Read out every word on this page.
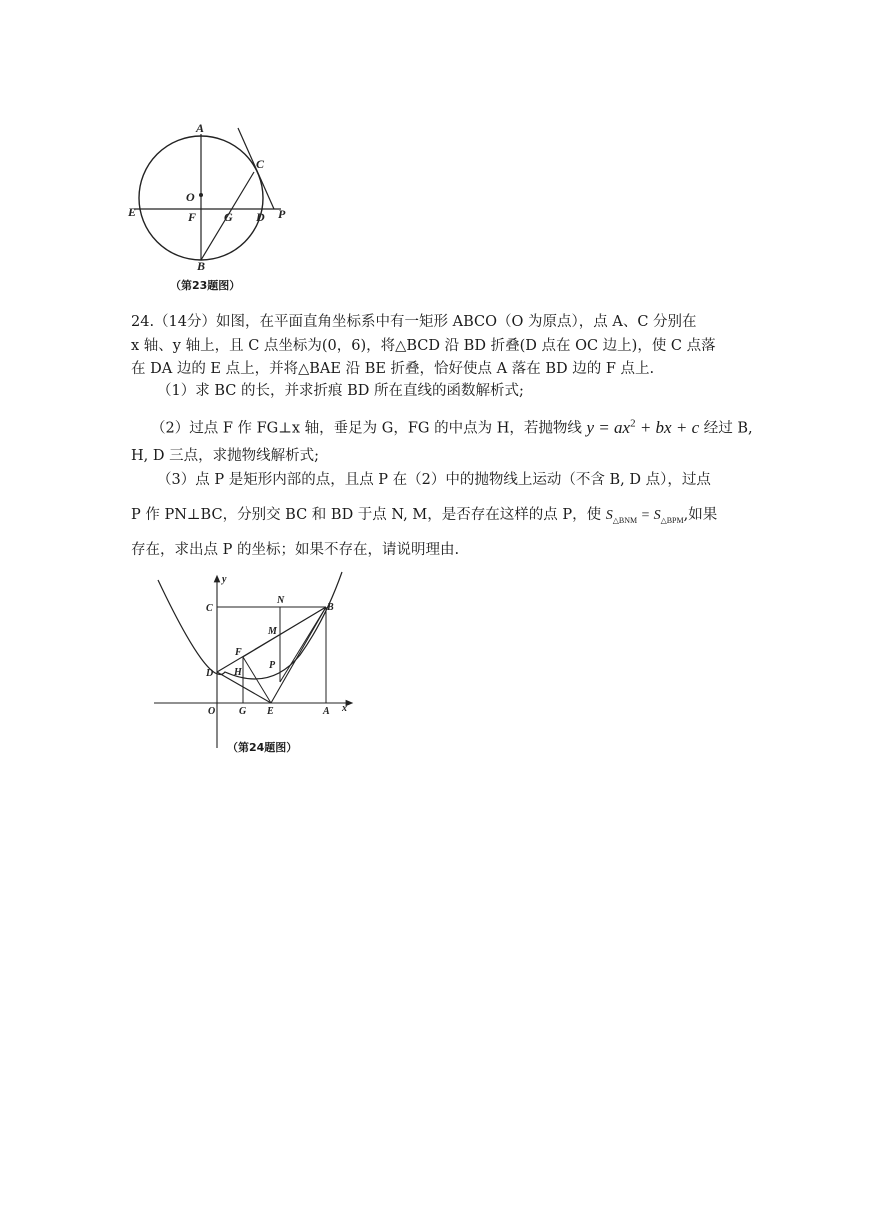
A
C
O
E	F G D P
B
（第23题图）
24.（14分）如图，在平面直角坐标系中有一矩形 ABCO（O 为原点），点 A、C 分别在
x 轴、y 轴上，且 C 点坐标为(0，6)，将△BCD 沿 BD 折叠(D 点在 OC 边上)，使 C 点落
在 DA 边的 E 点上，并将△BAE 沿 BE 折叠，恰好使点 A 落在 BD 边的 F 点上.
（1）求 BC 的长，并求折痕 BD 所在直线的函数解析式;
（2）过点 F 作 FG⊥x 轴，垂足为 G，FG 的中点为 H，若抛物线 $y = ax^2$ + bx + c 经过 B,
H, D 三点，求抛物线解析式;
（3）点 P 是矩形内部的点，且点 P 在（2）中的抛物线上运动（不含 B, D 点），过点
P 作 PN⊥BC，分别交 BC 和 BD 于点 N, M，是否存在这样的点 P，使 $S_{\triangle BNM} = S_{\triangle BPM}$,如果
存在，求出点 P 的坐标；如果不存在，请说明理由.
y
x
C
N
B
M
F
D H
P
O G E	A
（第24题图）
